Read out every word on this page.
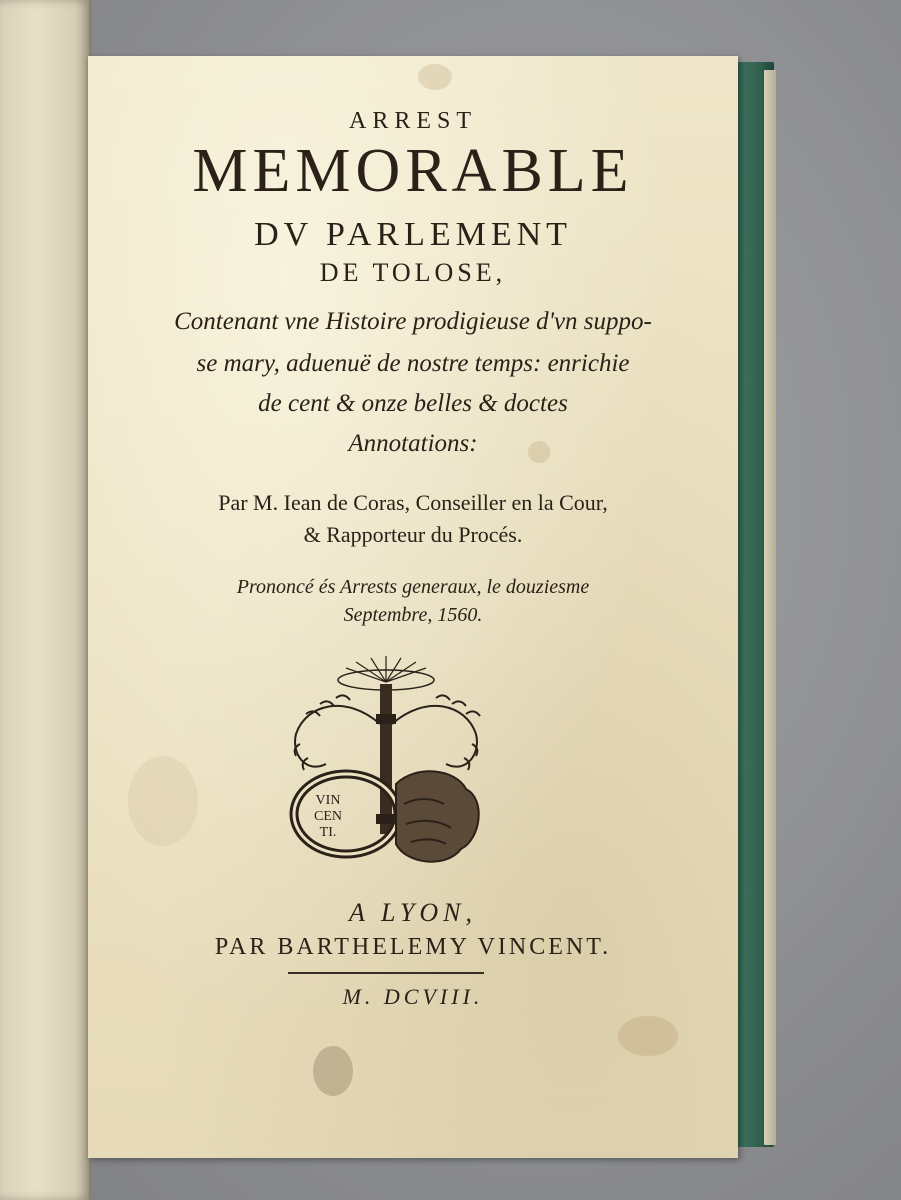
ARREST
MEMORABLE
DV PARLEMENT
DE TOLOSE,
Contenant vne Histoire prodigieuse d'vn suppo-
se mary, aduenuë de nostre temps: enrichie
de cent & onze belles & doctes
Annotations:
Par M. Iean de Coras, Conseiller en la Cour,
& Rapporteur du Procés.
Prononcé és Arrests generaux, le douziesme
Septembre, 1560.
VIN
CEN
TI.
A LYON,
PAR BARTHELEMY VINCENT.
M. DCVIII.
